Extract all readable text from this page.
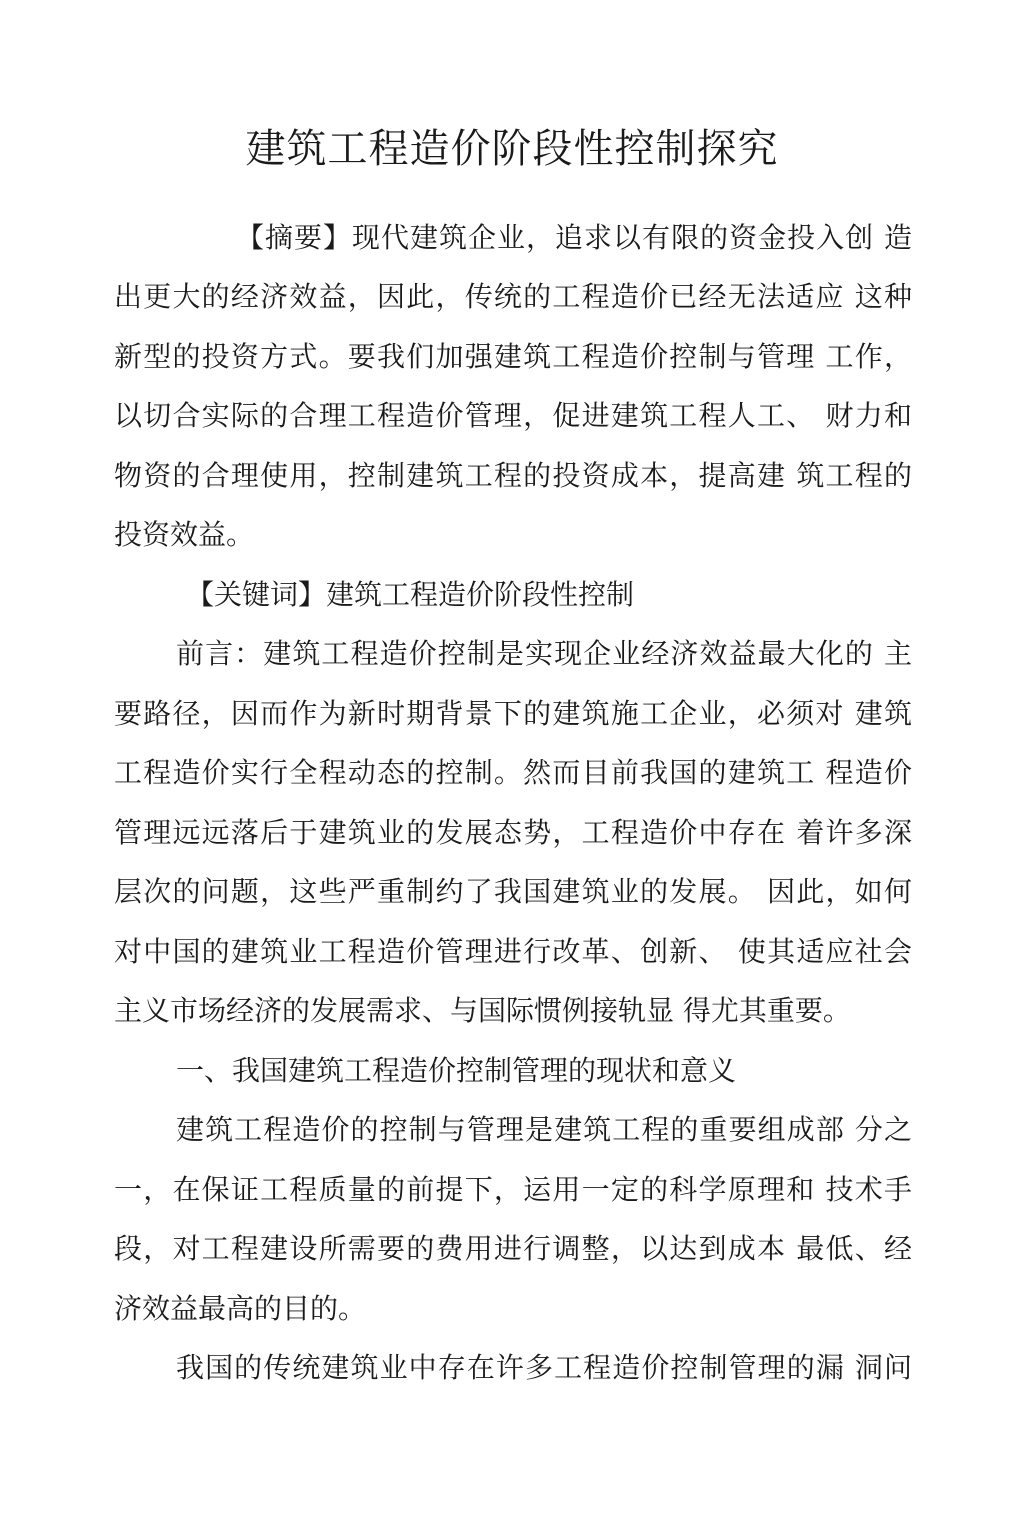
建筑工程造价阶段性控制探究
【摘要】现代建筑企业，追求以有限的资金投入创 造
出更大的经济效益，因此，传统的工程造价已经无法适应 这种
新型的投资方式。要我们加强建筑工程造价控制与管理 工作，
以切合实际的合理工程造价管理，促进建筑工程人工、 财力和
物资的合理使用，控制建筑工程的投资成本，提高建 筑工程的
投资效益。
【关键词】建筑工程造价阶段性控制
前言：建筑工程造价控制是实现企业经济效益最大化的 主
要路径，因而作为新时期背景下的建筑施工企业，必须对 建筑
工程造价实行全程动态的控制。然而目前我国的建筑工 程造价
管理远远落后于建筑业的发展态势，工程造价中存在 着许多深
层次的问题，这些严重制约了我国建筑业的发展。 因此，如何
对中国的建筑业工程造价管理进行改革、创新、 使其适应社会
主义市场经济的发展需求、与国际惯例接轨显 得尤其重要。
一、我国建筑工程造价控制管理的现状和意义
建筑工程造价的控制与管理是建筑工程的重要组成部 分之
一，在保证工程质量的前提下，运用一定的科学原理和 技术手
段，对工程建设所需要的费用进行调整，以达到成本 最低、经
济效益最高的目的。
我国的传统建筑业中存在许多工程造价控制管理的漏 洞问
